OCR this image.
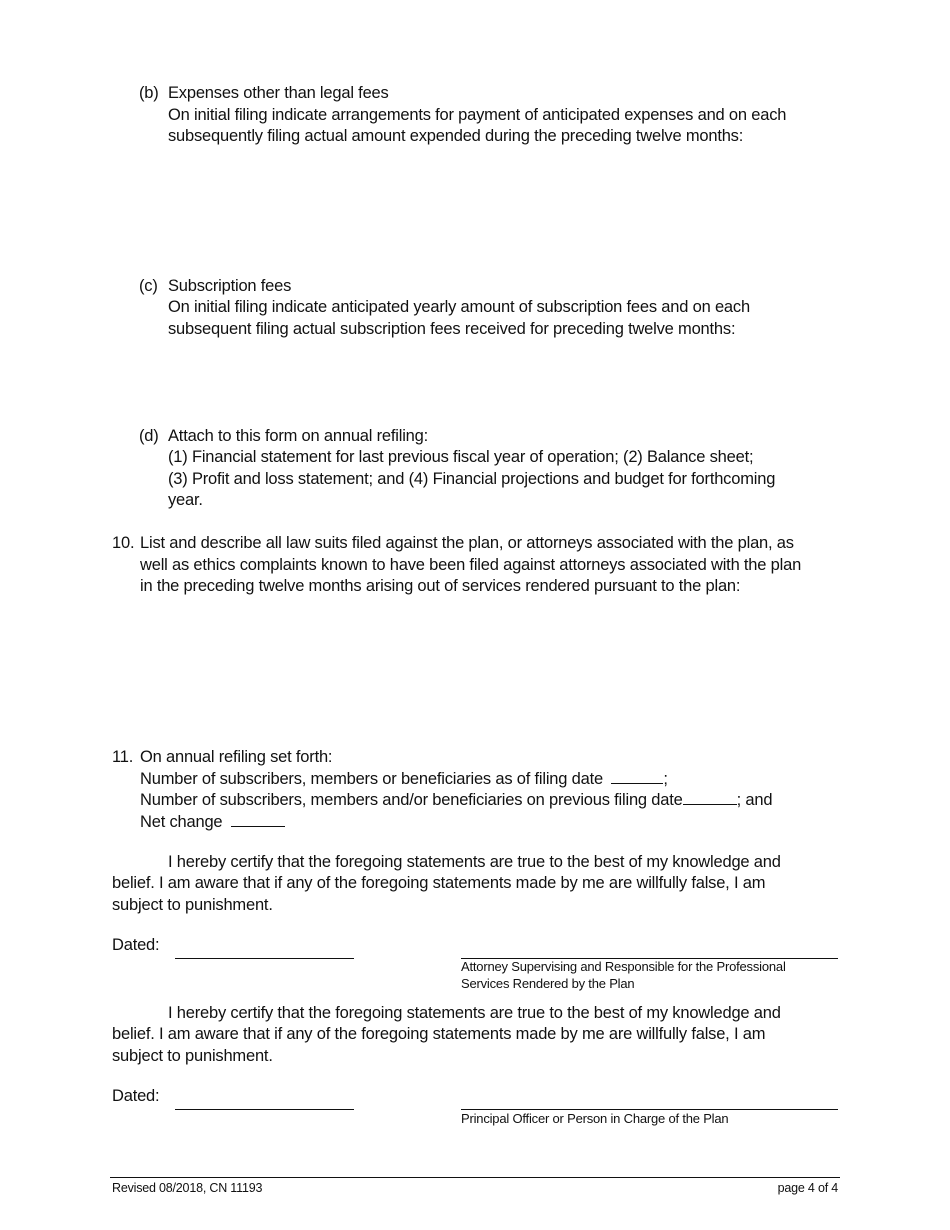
(b) Expenses other than legal fees
On initial filing indicate arrangements for payment of anticipated expenses and on each
subsequently filing actual amount expended during the preceding twelve months:
(c) Subscription fees
On initial filing indicate anticipated yearly amount of subscription fees and on each
subsequent filing actual subscription fees received for preceding twelve months:
(d) Attach to this form on annual refiling:
(1) Financial statement for last previous fiscal year of operation; (2) Balance sheet;
(3) Profit and loss statement; and (4) Financial projections and budget for forthcoming
year.
10. List and describe all law suits filed against the plan, or attorneys associated with the plan, as
well as ethics complaints known to have been filed against attorneys associated with the plan
in the preceding twelve months arising out of services rendered pursuant to the plan:
11. On annual refiling set forth:
Number of subscribers, members or beneficiaries as of filing date	;
Number of subscribers, members and/or beneficiaries on previous filing date	; and
Net change
I hereby certify that the foregoing statements are true to the best of my knowledge and
belief. I am aware that if any of the foregoing statements made by me are willfully false, I am
subject to punishment.
Dated:
Attorney Supervising and Responsible for the Professional
Services Rendered by the Plan
I hereby certify that the foregoing statements are true to the best of my knowledge and
belief. I am aware that if any of the foregoing statements made by me are willfully false, I am
subject to punishment.
Dated:
Principal Officer or Person in Charge of the Plan
Revised 08/2018, CN 11193	page 4 of 4
